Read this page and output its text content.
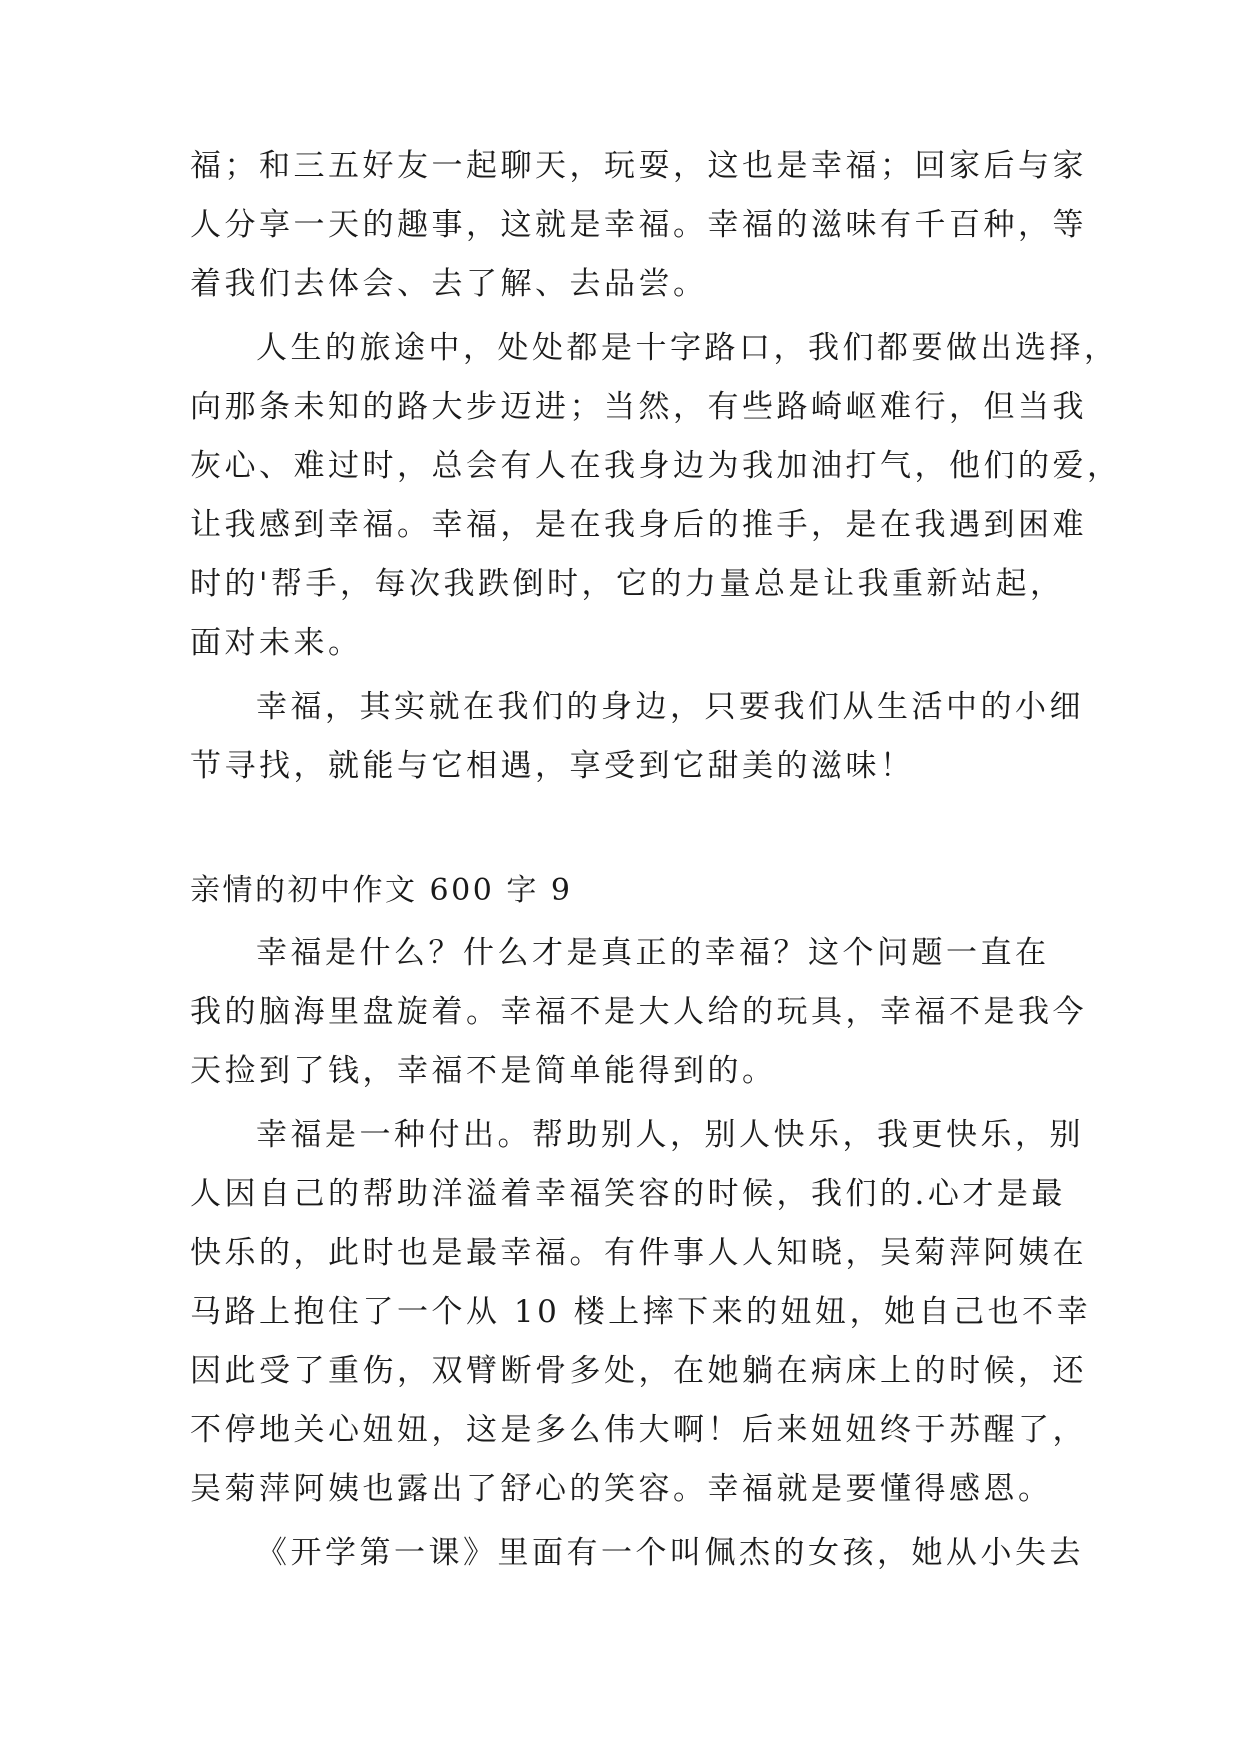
福；和三五好友一起聊天，玩耍，这也是幸福；回家后与家
人分享一天的趣事，这就是幸福。幸福的滋味有千百种，等
着我们去体会、去了解、去品尝。
人生的旅途中，处处都是十字路口，我们都要做出选择，
向那条未知的路大步迈进；当然，有些路崎岖难行，但当我
灰心、难过时，总会有人在我身边为我加油打气，他们的爱，
让我感到幸福。幸福，是在我身后的推手，是在我遇到困难
时的'帮手，每次我跌倒时，它的力量总是让我重新站起，
面对未来。
幸福，其实就在我们的身边，只要我们从生活中的小细
节寻找，就能与它相遇，享受到它甜美的滋味！
亲情的初中作文 600 字 9
幸福是什么？什么才是真正的幸福？这个问题一直在
我的脑海里盘旋着。幸福不是大人给的玩具，幸福不是我今
天捡到了钱，幸福不是简单能得到的。
幸福是一种付出。帮助别人，别人快乐，我更快乐，别
人因自己的帮助洋溢着幸福笑容的时候，我们的.心才是最
快乐的，此时也是最幸福。有件事人人知晓，吴菊萍阿姨在
马路上抱住了一个从 10 楼上摔下来的妞妞，她自己也不幸
因此受了重伤，双臂断骨多处，在她躺在病床上的时候，还
不停地关心妞妞，这是多么伟大啊！后来妞妞终于苏醒了，
吴菊萍阿姨也露出了舒心的笑容。幸福就是要懂得感恩。
《开学第一课》里面有一个叫佩杰的女孩，她从小失去
